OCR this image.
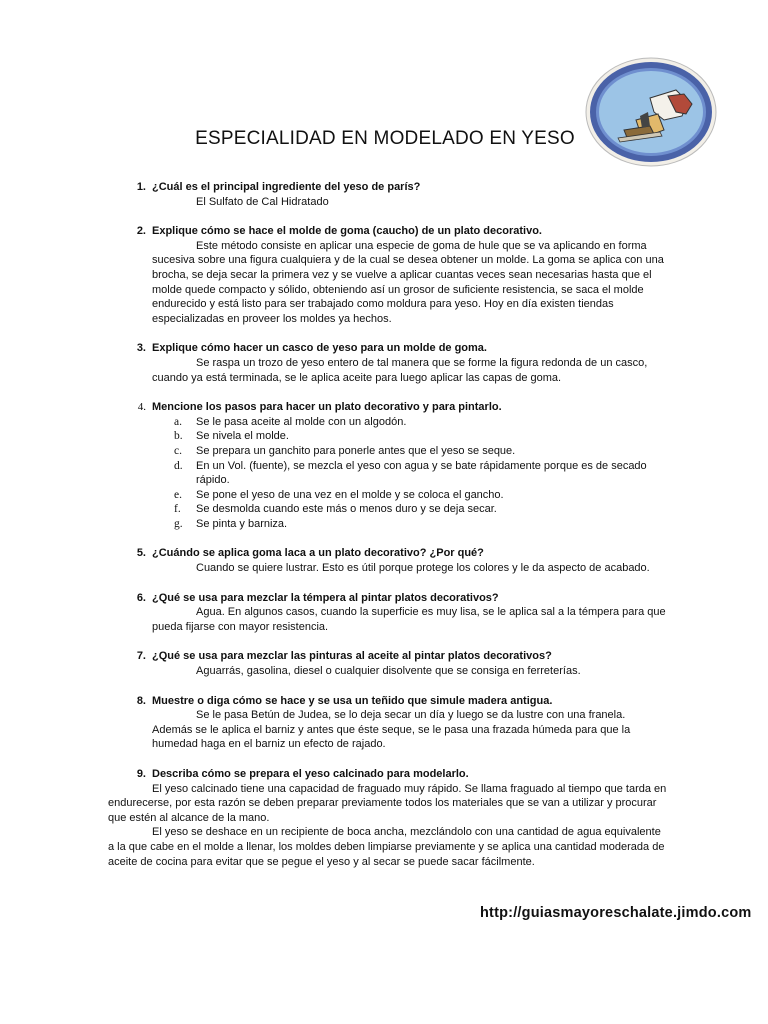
ESPECIALIDAD EN MODELADO EN YESO
1. ¿Cuál es el principal ingrediente del yeso de parís?
El Sulfato de Cal Hidratado
2. Explique cómo se hace el molde de goma (caucho) de un plato decorativo.
Este método consiste en aplicar una especie de goma de hule que se va aplicando en forma sucesiva sobre una figura cualquiera y de la cual se desea obtener un molde. La goma se aplica con una brocha, se deja secar la primera vez y se vuelve a aplicar cuantas veces sean necesarias hasta que el molde quede compacto y sólido, obteniendo así un grosor de suficiente resistencia, se saca el molde endurecido y está listo para ser trabajado como moldura para yeso. Hoy en día existen tiendas especializadas en proveer los moldes ya hechos.
3. Explique cómo hacer un casco de yeso para un molde de goma.
Se raspa un trozo de yeso entero de tal manera que se forme la figura redonda de un casco, cuando ya está terminada, se le aplica aceite para luego aplicar las capas de goma.
4. Mencione los pasos para hacer un plato decorativo y para pintarlo.
a. Se le pasa aceite al molde con un algodón.
b. Se nivela el molde.
c. Se prepara un ganchito para ponerle antes que el yeso se seque.
d. En un Vol. (fuente), se mezcla el yeso con agua y se bate rápidamente porque es de secado rápido.
e. Se pone el yeso de una vez en el molde y se coloca el gancho.
f. Se desmolda cuando este más o menos duro y se deja secar.
g. Se pinta y barniza.
5. ¿Cuándo se aplica goma laca a un plato decorativo? ¿Por qué?
Cuando se quiere lustrar. Esto es útil porque protege los colores y le da aspecto de acabado.
6. ¿Qué se usa para mezclar la témpera al pintar platos decorativos?
Agua. En algunos casos, cuando la superficie es muy lisa, se le aplica sal a la témpera para que pueda fijarse con mayor resistencia.
7. ¿Qué se usa para mezclar las pinturas al aceite al pintar platos decorativos?
Aguarrás, gasolina, diesel o cualquier disolvente que se consiga en ferreterías.
8. Muestre o diga cómo se hace y se usa un teñido que simule madera antigua.
Se le pasa Betún de Judea, se lo deja secar un día y luego se da lustre con una franela. Además se le aplica el barniz y antes que éste seque, se le pasa una frazada húmeda para que la humedad haga en el barniz un efecto de rajado.
9. Describa cómo se prepara el yeso calcinado para modelarlo.
El yeso calcinado tiene una capacidad de fraguado muy rápido. Se llama fraguado al tiempo que tarda en endurecerse, por esta razón se deben preparar previamente todos los materiales que se van a utilizar y procurar que estén al alcance de la mano.
El yeso se deshace en un recipiente de boca ancha, mezclándolo con una cantidad de agua equivalente a la que cabe en el molde a llenar, los moldes deben limpiarse previamente y se aplica una cantidad moderada de aceite de cocina para evitar que se pegue el yeso y al secar se puede sacar fácilmente.
http://guiasmayoreschalate.jimdo.com
